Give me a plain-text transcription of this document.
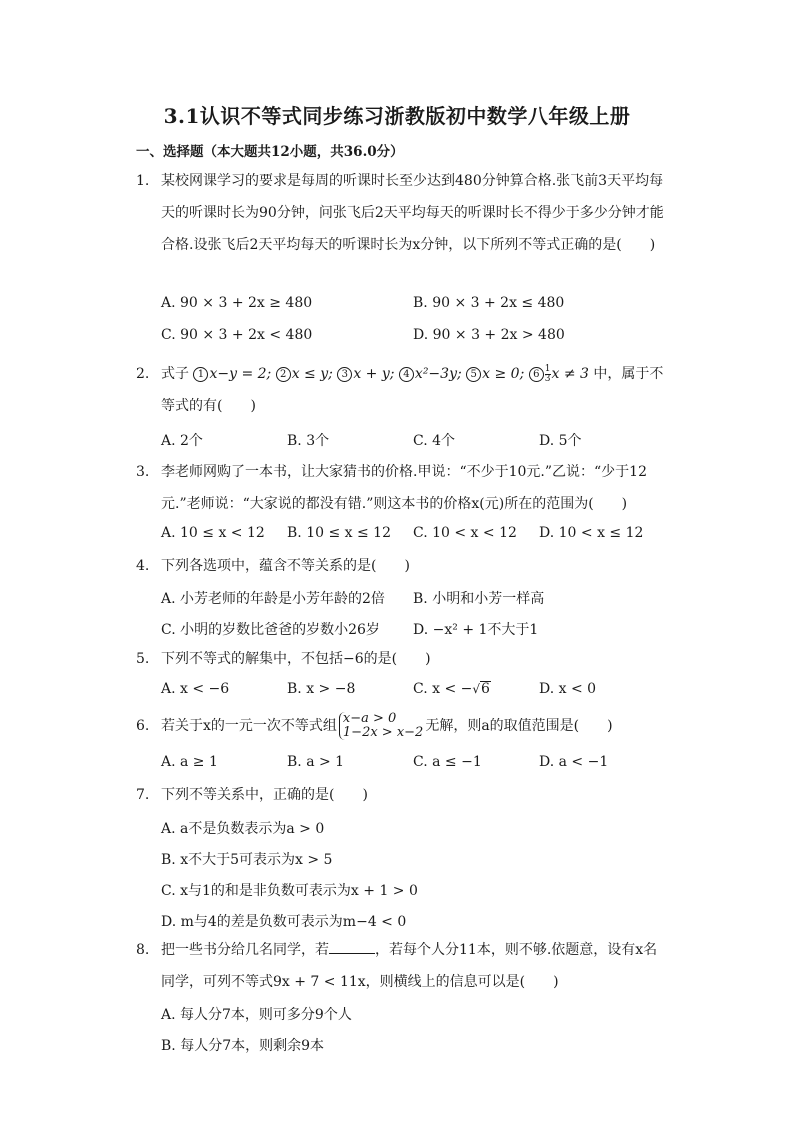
3.1认识不等式同步练习浙教版初中数学八年级上册
一、选择题（本大题共12小题，共36.0分）
1. 某校网课学习的要求是每周的听课时长至少达到480分钟算合格.张飞前3天平均每天的听课时长为90分钟，问张飞后2天平均每天的听课时长不得少于多少分钟才能合格.设张飞后2天平均每天的听课时长为x分钟，以下所列不等式正确的是(　　)
A. 90 × 3 + 2x ≥ 480	B. 90 × 3 + 2x ≤ 480
C. 90 × 3 + 2x < 480	D. 90 × 3 + 2x > 480
2. 式子 1 x−y = 2; 2 x ≤ y; 3 x + y; 4 x²−3y; 5 x ≥ 0; $6 \frac{1}{3}$ x ≠ 3 中，属于不等式的有(　　)
A. 2个	B. 3个	C. 4个	D. 5个
3. 李老师网购了一本书，让大家猜书的价格.甲说：“不少于10元.”乙说：“少于12元.”老师说：“大家说的都没有错.”则这本书的价格x(元)所在的范围为(　　)
A. 10 ≤ x < 12 B. 10 ≤ x ≤ 12 C. 10 < x < 12 D. 10 < x ≤ 12
4. 下列各选项中，蕴含不等关系的是(　　)
A. 小芳老师的年龄是小芳年龄的2倍 B. 小明和小芳一样高
C. 小明的岁数比爸爸的岁数小26岁 D. −x² + 1不大于1
5. 下列不等式的解集中，不包括−6的是(　　)
A. x < −6	B. x > −8	C. x < −√6	D. x < 0
6. 若关于x的一元一次不等式组 x−a > 0
1−2x > x−2 无解，则a的取值范围是(　　)
A. a ≥ 1	B. a > 1	C. a ≤ −1	D. a < −1
7. 下列不等关系中，正确的是(　　)
A. a不是负数表示为a > 0
B. x不大于5可表示为x > 5
C. x与1的和是非负数可表示为x + 1 > 0
D. m与4的差是负数可表示为m−4 < 0
8. 把一些书分给几名同学，若	，若每个人分11本，则不够.依题意，设有x名同学，可列不等式9x + 7 < 11x，则横线上的信息可以是(　　)
A. 每人分7本，则可多分9个人
B. 每人分7本，则剩余9本
